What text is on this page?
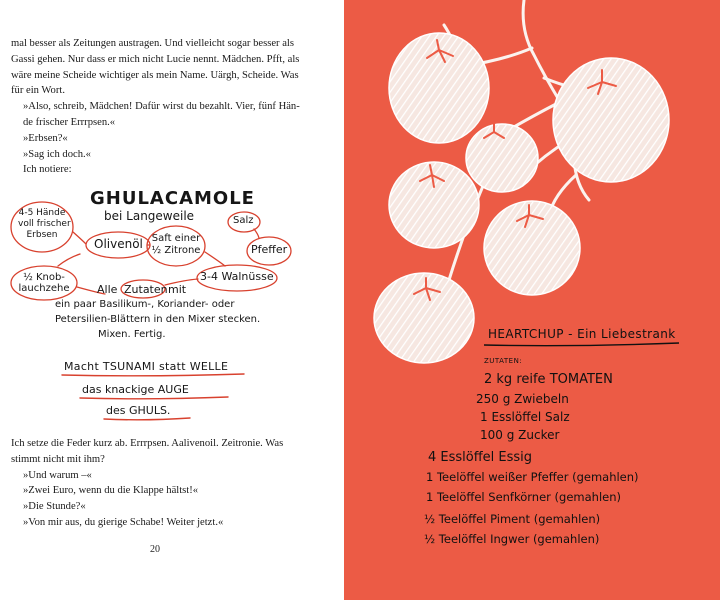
mal besser als Zeitungen austragen. Und vielleicht sogar besser als

Gassi gehen. Nur dass er mich nicht Lucie nennt. Mädchen. Pfft, als

wäre meine Scheide wichtiger als mein Name. Uärgh, Scheide. Was

für ein Wort.

»Also, schreib, Mädchen! Dafür wirst du bezahlt. Vier, fünf Hän-

de frischer Errrpsen.«

»Erbsen?«

»Sag ich doch.«

Ich notiere:

GHULACAMOLE
bei Langeweile
4-5 Hände
voll frischer
Erbsen
Olivenöl Saft einer
½ Zitrone
Salz
Pfeffer
½ Knob-
lauchzehe
3-4 Walnüsse
Alle Zutaten mit
ein paar Basilikum-, Koriander- oder
Petersilien-Blättern in den Mixer stecken.
Mixen. Fertig.
Macht TSUNAMI statt WELLE
das knackige AUGE
des GHULS.

Ich setze die Feder kurz ab. Errrpsen. Aalivenoil. Zeitronie. Was stimmt nicht mit ihm?

»Und warum –«

»Zwei Euro, wenn du die Klappe hältst!«

»Die Stunde?«

»Von mir aus, du gierige Schabe! Weiter jetzt.«

20
HEARTCHUP - Ein Liebestrank
ZUTATEN:
2 kg reife TOMATEN
250 g Zwiebeln
1 Esslöffel Salz
100 g Zucker
4 Esslöffel Essig
1 Teelöffel weißer Pfeffer (gemahlen)
1 Teelöffel Senfkörner (gemahlen)
½ Teelöffel Piment (gemahlen)
½ Teelöffel Ingwer (gemahlen)
